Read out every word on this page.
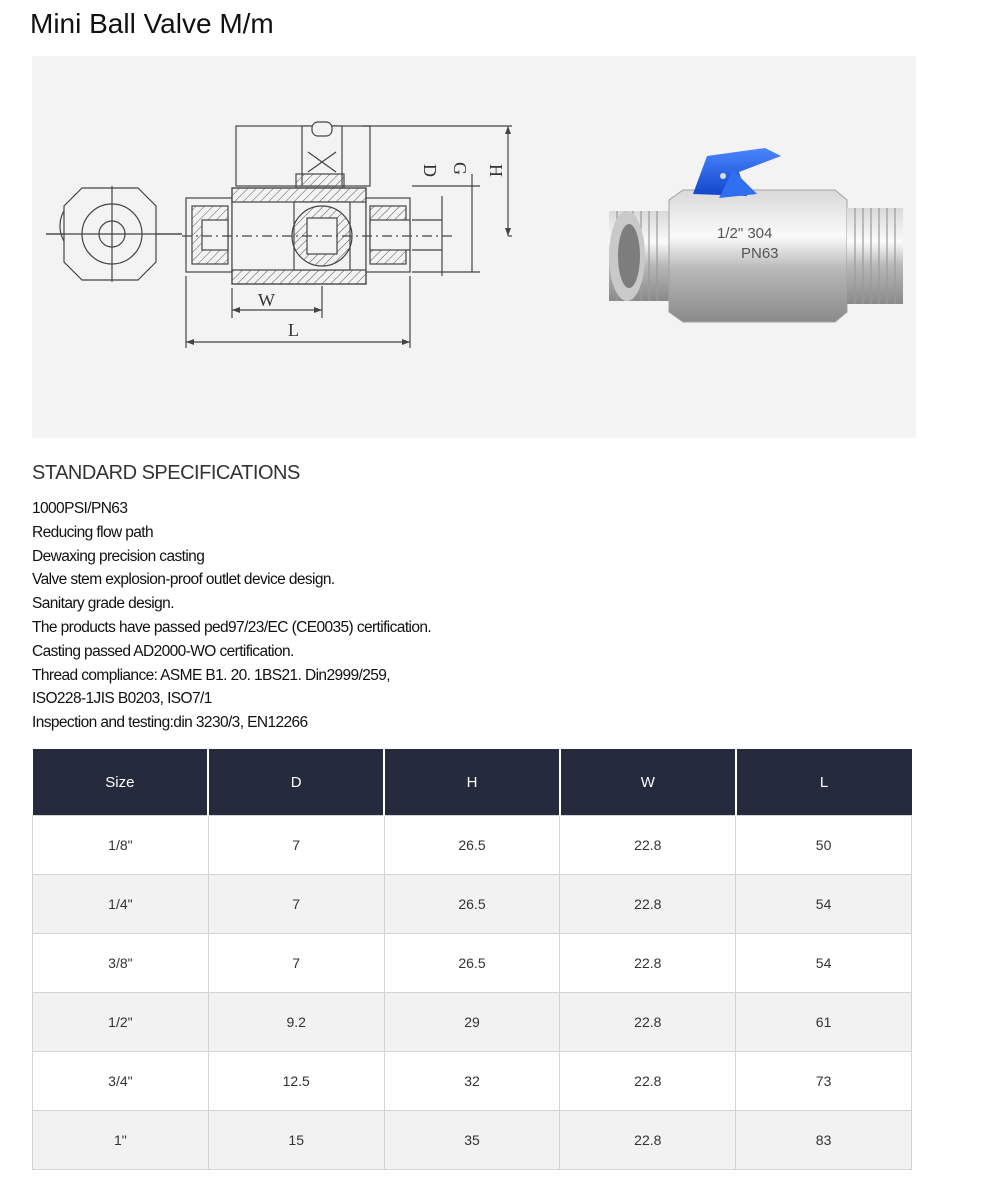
Mini Ball Valve M/m
W
L
D G H
1/2" 304
PN63
STANDARD SPECIFICATIONS
1000PSI/PN63
Reducing flow path
Dewaxing precision casting
Valve stem explosion-proof outlet device design.
Sanitary grade design.
The products have passed ped97/23/EC (CE0035) certification.
Casting passed AD2000-WO certification.
Thread compliance: ASME B1. 20. 1BS21. Din2999/259,
ISO228-1JIS B0203, ISO7/1
Inspection and testing:din 3230/3, EN12266
Size	D	H	W	L
1/8"	7	26.5	22.8	50
1/4"	7	26.5	22.8	54
3/8"	7	26.5	22.8	54
1/2"	9.2	29	22.8	61
3/4"	12.5	32	22.8	73
1"	15	35	22.8	83
